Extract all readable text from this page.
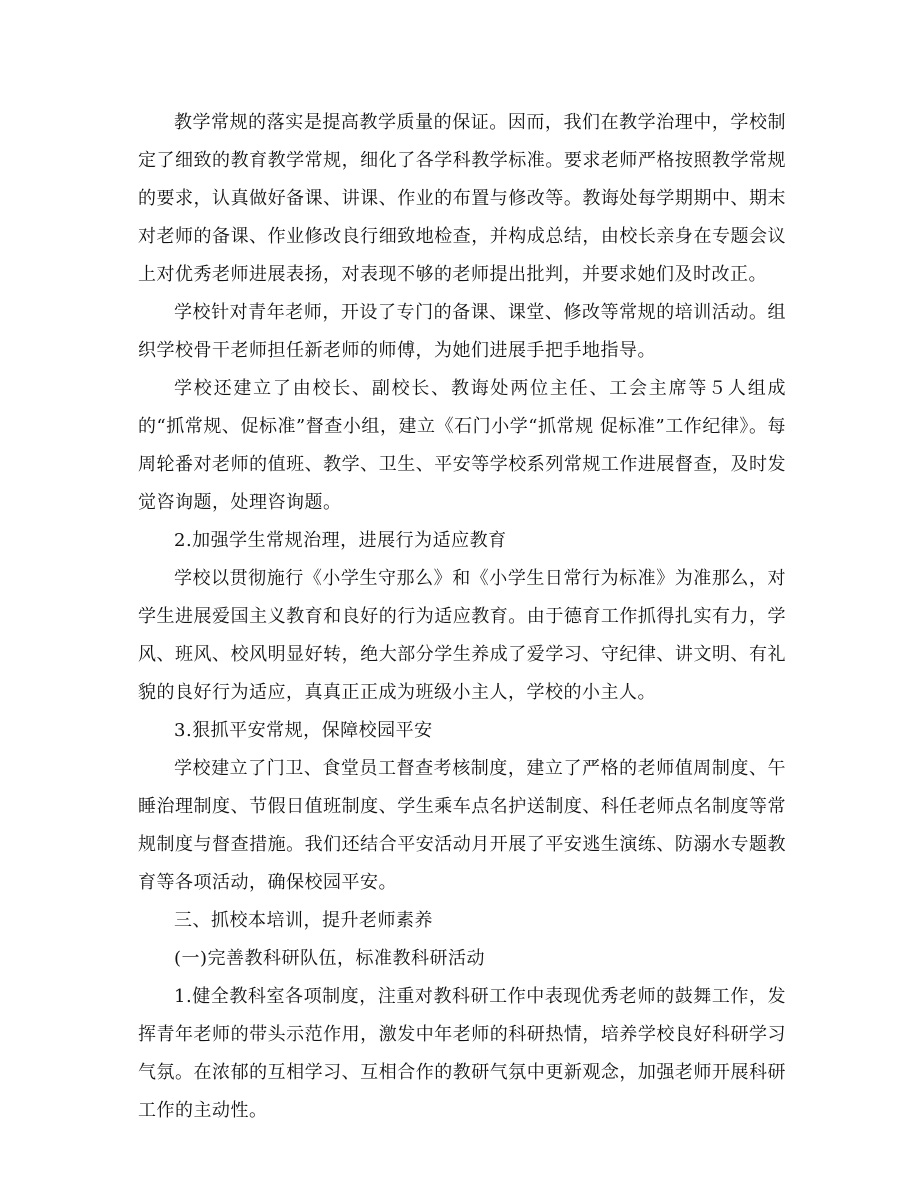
教学常规的落实是提高教学质量的保证。因而，我们在教学治理中，学校制定了细致的教育教学常规，细化了各学科教学标准。要求老师严格按照教学常规的要求，认真做好备课、讲课、作业的布置与修改等。教诲处每学期期中、期末对老师的备课、作业修改良行细致地检查，并构成总结，由校长亲身在专题会议上对优秀老师进展表扬，对表现不够的老师提出批判，并要求她们及时改正。

学校针对青年老师，开设了专门的备课、课堂、修改等常规的培训活动。组织学校骨干老师担任新老师的师傅，为她们进展手把手地指导。

学校还建立了由校长、副校长、教诲处两位主任、工会主席等５人组成的“抓常规、促标准”督查小组，建立《石门小学“抓常规 促标准”工作纪律》。每周轮番对老师的值班、教学、卫生、平安等学校系列常规工作进展督查，及时发觉咨询题，处理咨询题。

2.加强学生常规治理，进展行为适应教育

学校以贯彻施行《小学生守那么》和《小学生日常行为标准》为准那么，对学生进展爱国主义教育和良好的行为适应教育。由于德育工作抓得扎实有力，学风、班风、校风明显好转，绝大部分学生养成了爱学习、守纪律、讲文明、有礼貌的良好行为适应，真真正正成为班级小主人，学校的小主人。

3.狠抓平安常规，保障校园平安

学校建立了门卫、食堂员工督查考核制度，建立了严格的老师值周制度、午睡治理制度、节假日值班制度、学生乘车点名护送制度、科任老师点名制度等常规制度与督查措施。我们还结合平安活动月开展了平安逃生演练、防溺水专题教育等各项活动，确保校园平安。

三、抓校本培训，提升老师素养

(一)完善教科研队伍，标准教科研活动

1.健全教科室各项制度，注重对教科研工作中表现优秀老师的鼓舞工作，发挥青年老师的带头示范作用，激发中年老师的科研热情，培养学校良好科研学习气氛。在浓郁的互相学习、互相合作的教研气氛中更新观念，加强老师开展科研工作的主动性。
